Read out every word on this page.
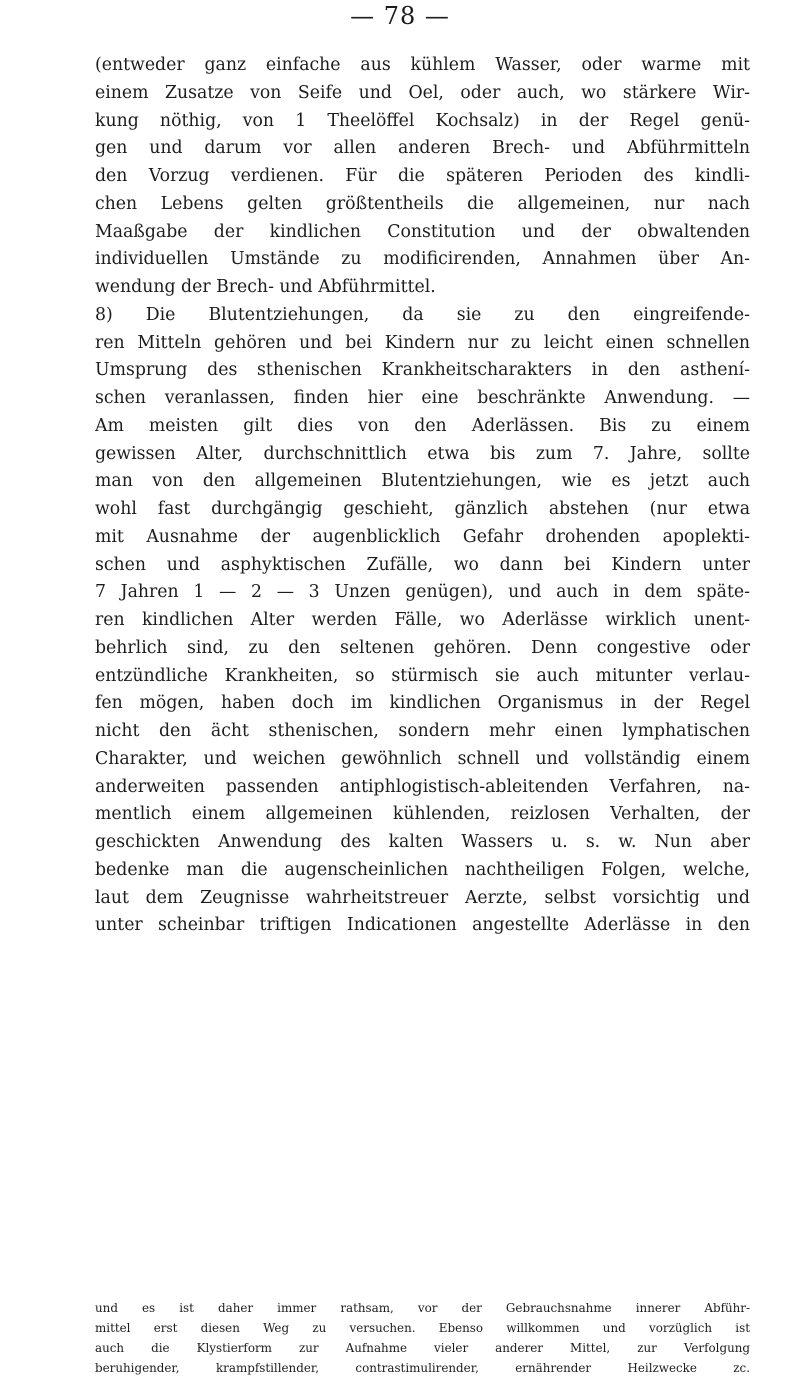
— 78 —
(entweder ganz einfache aus kühlem Wasser, oder warme mit
einem Zusatze von Seife und Oel, oder auch, wo stärkere Wir-
kung nöthig, von 1 Theelöffel Kochsalz) in der Regel genü-
gen und darum vor allen anderen Brech- und Abführmitteln
den Vorzug verdienen. Für die späteren Perioden des kindli-
chen Lebens gelten größtentheils die allgemeinen, nur nach
Maaßgabe der kindlichen Constitution und der obwaltenden
individuellen Umstände zu modificirenden, Annahmen über An-
wendung der Brech- und Abführmittel.
8) Die Blutentziehungen, da sie zu den eingreifende-
ren Mitteln gehören und bei Kindern nur zu leicht einen schnellen
Umsprung des sthenischen Krankheitscharakters in den asthení-
schen veranlassen, finden hier eine beschränkte Anwendung. —
Am meisten gilt dies von den Aderlässen. Bis zu einem
gewissen Alter, durchschnittlich etwa bis zum 7. Jahre, sollte
man von den allgemeinen Blutentziehungen, wie es jetzt auch
wohl fast durchgängig geschieht, gänzlich abstehen (nur etwa
mit Ausnahme der augenblicklich Gefahr drohenden apoplekti-
schen und asphyktischen Zufälle, wo dann bei Kindern unter
7 Jahren 1 — 2 — 3 Unzen genügen), und auch in dem späte-
ren kindlichen Alter werden Fälle, wo Aderlässe wirklich unent-
behrlich sind, zu den seltenen gehören. Denn congestive oder
entzündliche Krankheiten, so stürmisch sie auch mitunter verlau-
fen mögen, haben doch im kindlichen Organismus in der Regel
nicht den ächt sthenischen, sondern mehr einen lymphatischen
Charakter, und weichen gewöhnlich schnell und vollständig einem
anderweiten passenden antiphlogistisch-ableitenden Verfahren, na-
mentlich einem allgemeinen kühlenden, reizlosen Verhalten, der
geschickten Anwendung des kalten Wassers u. s. w. Nun aber
bedenke man die augenscheinlichen nachtheiligen Folgen, welche,
laut dem Zeugnisse wahrheitstreuer Aerzte, selbst vorsichtig und
unter scheinbar triftigen Indicationen angestellte Aderlässe in den
und es ist daher immer rathsam, vor der Gebrauchsnahme innerer Abführ-
mittel erst diesen Weg zu versuchen. Ebenso willkommen und vorzüglich ist
auch die Klystierform zur Aufnahme vieler anderer Mittel, zur Verfolgung
beruhigender, krampfstillender, contrastimulirender, ernährender Heilzwecke zc.
